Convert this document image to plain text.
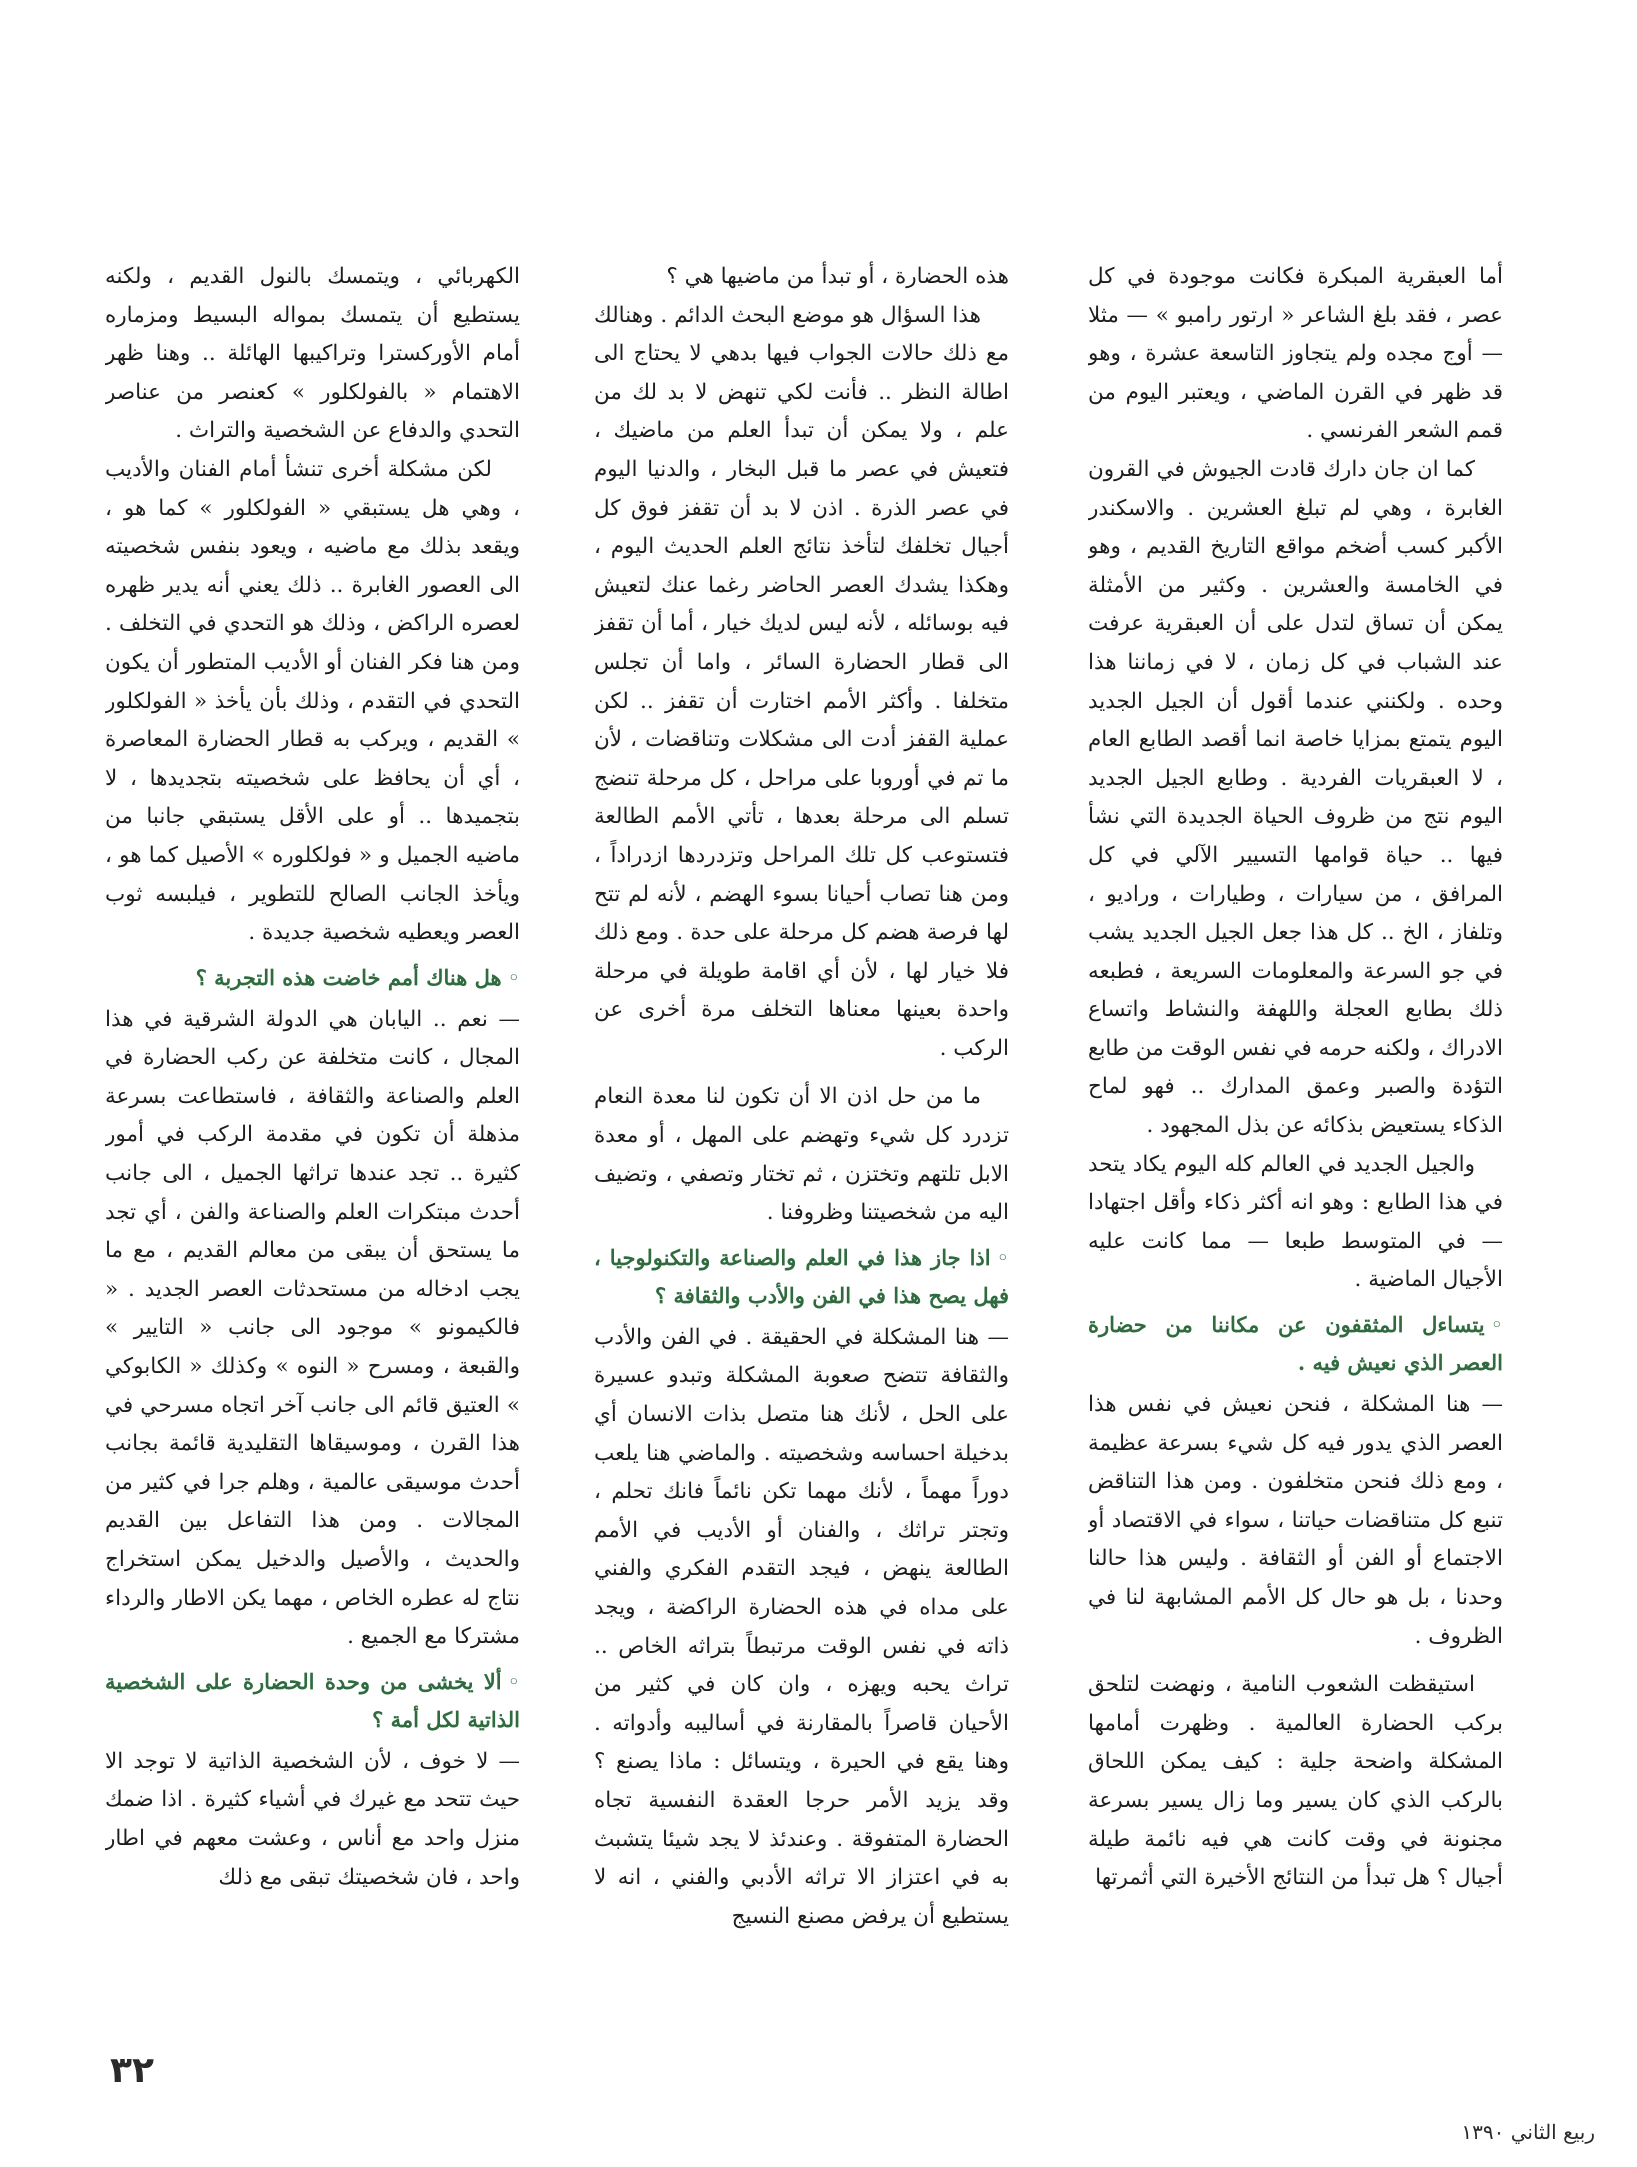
أما العبقرية المبكرة فكانت موجودة في كل عصر ، فقد بلغ الشاعر « ارتور رامبو » — مثلا — أوج مجده ولم يتجاوز التاسعة عشرة ، وهو قد ظهر في القرن الماضي ، ويعتبر اليوم من قمم الشعر الفرنسي .

كما ان جان دارك قادت الجيوش في القرون الغابرة ، وهي لم تبلغ العشرين . والاسكندر الأكبر كسب أضخم مواقع التاريخ القديم ، وهو في الخامسة والعشرين . وكثير من الأمثلة يمكن أن تساق لتدل على أن العبقرية عرفت عند الشباب في كل زمان ، لا في زماننا هذا وحده . ولكنني عندما أقول أن الجيل الجديد اليوم يتمتع بمزايا خاصة انما أقصد الطابع العام ، لا العبقريات الفردية . وطابع الجيل الجديد اليوم نتج من ظروف الحياة الجديدة التي نشأ فيها .. حياة قوامها التسيير الآلي في كل المرافق ، من سيارات ، وطيارات ، وراديو ، وتلفاز ، الخ .. كل هذا جعل الجيل الجديد يشب في جو السرعة والمعلومات السريعة ، فطبعه ذلك بطابع العجلة واللهفة والنشاط واتساع الادراك ، ولكنه حرمه في نفس الوقت من طابع التؤدة والصبر وعمق المدارك .. فهو لماح الذكاء يستعيض بذكائه عن بذل المجهود .

والجيل الجديد في العالم كله اليوم يكاد يتحد في هذا الطابع : وهو انه أكثر ذكاء وأقل اجتهادا — في المتوسط طبعا — مما كانت عليه الأجيال الماضية .

◦يتساءل المثقفون عن مكاننا من حضارة العصر الذي نعيش فيه .

— هنا المشكلة ، فنحن نعيش في نفس هذا العصر الذي يدور فيه كل شيء بسرعة عظيمة ، ومع ذلك فنحن متخلفون . ومن هذا التناقض تنبع كل متناقضات حياتنا ، سواء في الاقتصاد أو الاجتماع أو الفن أو الثقافة . وليس هذا حالنا وحدنا ، بل هو حال كل الأمم المشابهة لنا في الظروف .

استيقظت الشعوب النامية ، ونهضت لتلحق بركب الحضارة العالمية . وظهرت أمامها المشكلة واضحة جلية : كيف يمكن اللحاق بالركب الذي كان يسير وما زال يسير بسرعة مجنونة في وقت كانت هي فيه نائمة طيلة أجيال ؟ هل تبدأ من النتائج الأخيرة التي أثمرتها

هذه الحضارة ، أو تبدأ من ماضيها هي ؟

هذا السؤال هو موضع البحث الدائم . وهنالك مع ذلك حالات الجواب فيها بدهي لا يحتاج الى اطالة النظر .. فأنت لكي تنهض لا بد لك من علم ، ولا يمكن أن تبدأ العلم من ماضيك ، فتعيش في عصر ما قبل البخار ، والدنيا اليوم في عصر الذرة . اذن لا بد أن تقفز فوق كل أجيال تخلفك لتأخذ نتائج العلم الحديث اليوم ، وهكذا يشدك العصر الحاضر رغما عنك لتعيش فيه بوسائله ، لأنه ليس لديك خيار ، أما أن تقفز الى قطار الحضارة السائر ، واما أن تجلس متخلفا . وأكثر الأمم اختارت أن تقفز .. لكن عملية القفز أدت الى مشكلات وتناقضات ، لأن ما تم في أوروبا على مراحل ، كل مرحلة تنضج تسلم الى مرحلة بعدها ، تأتي الأمم الطالعة فتستوعب كل تلك المراحل وتزدردها ازدراداً ، ومن هنا تصاب أحيانا بسوء الهضم ، لأنه لم تتح لها فرصة هضم كل مرحلة على حدة . ومع ذلك فلا خيار لها ، لأن أي اقامة طويلة في مرحلة واحدة بعينها معناها التخلف مرة أخرى عن الركب .

ما من حل اذن الا أن تكون لنا معدة النعام تزدرد كل شيء وتهضم على المهل ، أو معدة الابل تلتهم وتختزن ، ثم تختار وتصفي ، وتضيف اليه من شخصيتنا وظروفنا .

◦اذا جاز هذا في العلم والصناعة والتكنولوجيا ، فهل يصح هذا في الفن والأدب والثقافة ؟

— هنا المشكلة في الحقيقة . في الفن والأدب والثقافة تتضح صعوبة المشكلة وتبدو عسيرة على الحل ، لأنك هنا متصل بذات الانسان أي بدخيلة احساسه وشخصيته . والماضي هنا يلعب دوراً مهماً ، لأنك مهما تكن نائماً فانك تحلم ، وتجتر تراثك ، والفنان أو الأديب في الأمم الطالعة ينهض ، فيجد التقدم الفكري والفني على مداه في هذه الحضارة الراكضة ، ويجد ذاته في نفس الوقت مرتبطاً بتراثه الخاص .. تراث يحبه ويهزه ، وان كان في كثير من الأحيان قاصراً بالمقارنة في أساليبه وأدواته . وهنا يقع في الحيرة ، ويتسائل : ماذا يصنع ؟ وقد يزيد الأمر حرجا العقدة النفسية تجاه الحضارة المتفوقة . وعندئذ لا يجد شيئا يتشبث به في اعتزاز الا تراثه الأدبي والفني ، انه لا يستطيع أن يرفض مصنع النسيج

الكهربائي ، ويتمسك بالنول القديم ، ولكنه يستطيع أن يتمسك بمواله البسيط ومزماره أمام الأوركسترا وتراكيبها الهائلة .. وهنا ظهر الاهتمام « بالفولكلور » كعنصر من عناصر التحدي والدفاع عن الشخصية والتراث .

لكن مشكلة أخرى تنشأ أمام الفنان والأديب ، وهي هل يستبقي « الفولكلور » كما هو ، ويقعد بذلك مع ماضيه ، ويعود بنفس شخصيته الى العصور الغابرة .. ذلك يعني أنه يدير ظهره لعصره الراكض ، وذلك هو التحدي في التخلف . ومن هنا فكر الفنان أو الأديب المتطور أن يكون التحدي في التقدم ، وذلك بأن يأخذ « الفولكلور » القديم ، ويركب به قطار الحضارة المعاصرة ، أي أن يحافظ على شخصيته بتجديدها ، لا بتجميدها .. أو على الأقل يستبقي جانبا من ماضيه الجميل و « فولكلوره » الأصيل كما هو ، ويأخذ الجانب الصالح للتطوير ، فيلبسه ثوب العصر ويعطيه شخصية جديدة .

◦هل هناك أمم خاضت هذه التجربة ؟

— نعم .. اليابان هي الدولة الشرقية في هذا المجال ، كانت متخلفة عن ركب الحضارة في العلم والصناعة والثقافة ، فاستطاعت بسرعة مذهلة أن تكون في مقدمة الركب في أمور كثيرة .. تجد عندها تراثها الجميل ، الى جانب أحدث مبتكرات العلم والصناعة والفن ، أي تجد ما يستحق أن يبقى من معالم القديم ، مع ما يجب ادخاله من مستحدثات العصر الجديد . « فالكيمونو » موجود الى جانب « التايير » والقبعة ، ومسرح « النوه » وكذلك « الكابوكي » العتيق قائم الى جانب آخر اتجاه مسرحي في هذا القرن ، وموسيقاها التقليدية قائمة بجانب أحدث موسيقى عالمية ، وهلم جرا في كثير من المجالات . ومن هذا التفاعل بين القديم والحديث ، والأصيل والدخيل يمكن استخراج نتاج له عطره الخاص ، مهما يكن الاطار والرداء مشتركا مع الجميع .

◦ألا يخشى من وحدة الحضارة على الشخصية الذاتية لكل أمة ؟

— لا خوف ، لأن الشخصية الذاتية لا توجد الا حيث تتحد مع غيرك في أشياء كثيرة . اذا ضمك منزل واحد مع أناس ، وعشت معهم في اطار واحد ، فان شخصيتك تبقى مع ذلك

٣٢
ربيع الثاني ١٣٩٠
